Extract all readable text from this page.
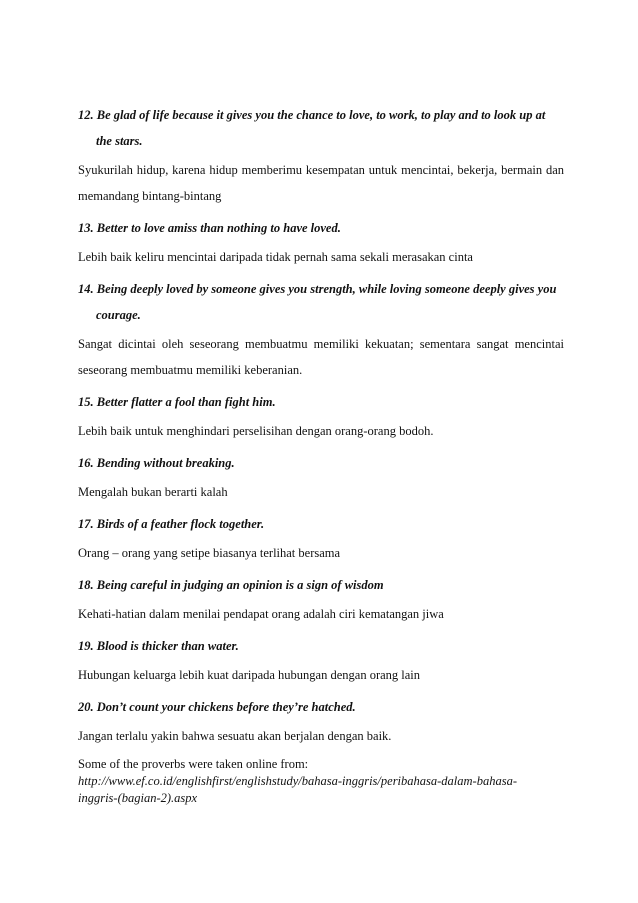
12. Be glad of life because it gives you the chance to love, to work, to play and to look up at the stars.

Syukurilah hidup, karena hidup memberimu kesempatan untuk mencintai, bekerja, bermain dan memandang bintang-bintang

13. Better to love amiss than nothing to have loved.

Lebih baik keliru mencintai daripada tidak pernah sama sekali merasakan cinta

14. Being deeply loved by someone gives you strength, while loving someone deeply gives you courage.

Sangat dicintai oleh seseorang membuatmu memiliki kekuatan; sementara sangat mencintai seseorang membuatmu memiliki keberanian.

15. Better flatter a fool than fight him.

Lebih baik untuk menghindari perselisihan dengan orang-orang bodoh.

16. Bending without breaking.

Mengalah bukan berarti kalah

17. Birds of a feather flock together.

Orang – orang yang setipe biasanya terlihat bersama

18. Being careful in judging an opinion is a sign of wisdom

Kehati-hatian dalam menilai pendapat orang adalah ciri kematangan jiwa

19. Blood is thicker than water.

Hubungan keluarga lebih kuat daripada hubungan dengan orang lain

20. Don’t count your chickens before they’re hatched.

Jangan terlalu yakin bahwa sesuatu akan berjalan dengan baik.

Some of the proverbs were taken online from:

http://www.ef.co.id/englishfirst/englishstudy/bahasa-inggris/peribahasa-dalam-bahasa-inggris-(bagian-2).aspx
